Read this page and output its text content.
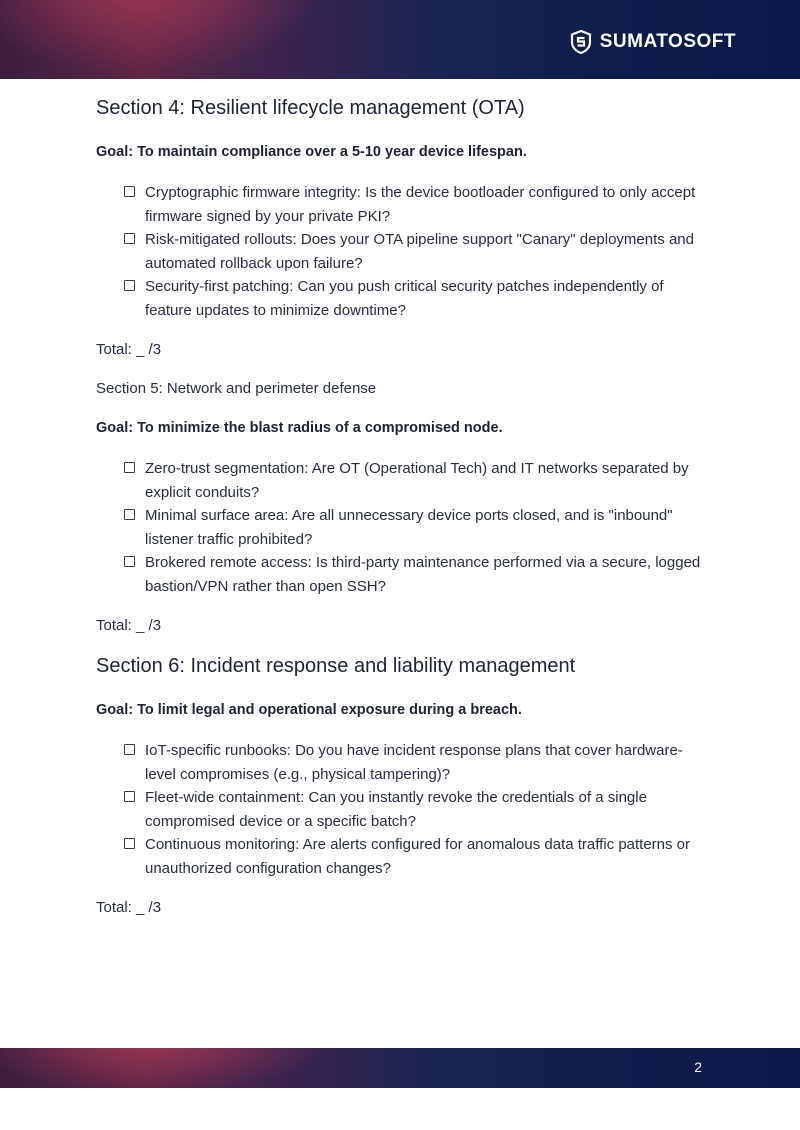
SUMATOSOFT
Section 4: Resilient lifecycle management (OTA)
Goal: To maintain compliance over a 5-10 year device lifespan.
Cryptographic firmware integrity: Is the device bootloader configured to only accept firmware signed by your private PKI?
Risk-mitigated rollouts: Does your OTA pipeline support "Canary" deployments and automated rollback upon failure?
Security-first patching: Can you push critical security patches independently of feature updates to minimize downtime?
Total: _ /3
Section 5: Network and perimeter defense
Goal: To minimize the blast radius of a compromised node.
Zero-trust segmentation: Are OT (Operational Tech) and IT networks separated by explicit conduits?
Minimal surface area: Are all unnecessary device ports closed, and is "inbound" listener traffic prohibited?
Brokered remote access: Is third-party maintenance performed via a secure, logged bastion/VPN rather than open SSH?
Total: _ /3
Section 6: Incident response and liability management
Goal: To limit legal and operational exposure during a breach.
IoT-specific runbooks: Do you have incident response plans that cover hardware-level compromises (e.g., physical tampering)?
Fleet-wide containment: Can you instantly revoke the credentials of a single compromised device or a specific batch?
Continuous monitoring: Are alerts configured for anomalous data traffic patterns or unauthorized configuration changes?
Total: _ /3
2
